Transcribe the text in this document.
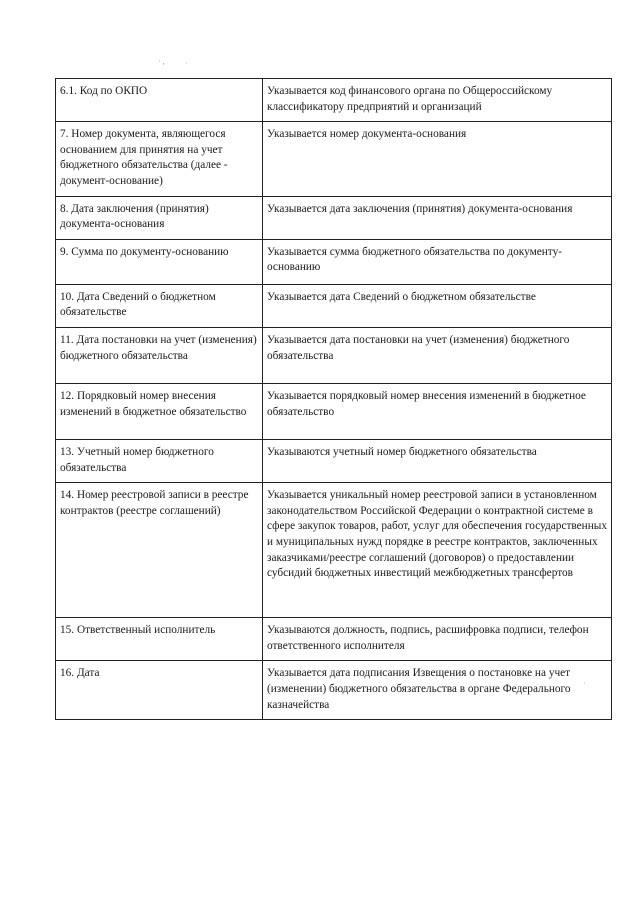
· ,	·
6.1. Код по ОКПО	Указывается код финансового органа по Общероссийскому классификатору предприятий и организаций
7. Номер документа, являющегося основанием для принятия на учет бюджетного обязательства (далее - документ-основание)	Указывается номер документа-основания
8. Дата заключения (принятия) документа-основания	Указывается дата заключения (принятия) документа-основания
9. Сумма по документу-основанию	Указывается сумма бюджетного обязательства по документу-основанию
10. Дата Сведений о бюджетном обязательстве	Указывается дата Сведений о бюджетном обязательстве
11. Дата постановки на учет (изменения) бюджетного обязательства	Указывается дата постановки на учет (изменения) бюджетного обязательства
12. Порядковый номер внесения изменений в бюджетное обязательство	Указывается порядковый номер внесения изменений в бюджетное обязательство
13. Учетный номер бюджетного обязательства	Указываются учетный номер бюджетного обязательства
14. Номер реестровой записи в реестре контрактов (реестре соглашений)	Указывается уникальный номер реестровой записи в установленном законодательством Российской Федерации о контрактной системе в сфере закупок товаров, работ, услуг для обеспечения государственных и муниципальных нужд порядке в реестре контрактов, заключенных заказчиками/реестре соглашений (договоров) о предоставлении субсидий бюджетных инвестиций межбюджетных трансфертов
15. Ответственный исполнитель	Указываются должность, подпись, расшифровка подписи, телефон ответственного исполнителя
16. Дата	Указывается дата подписания Извещения о постановке на учет (изменении) бюджетного обязательства в органе Федерального казначейства
·
